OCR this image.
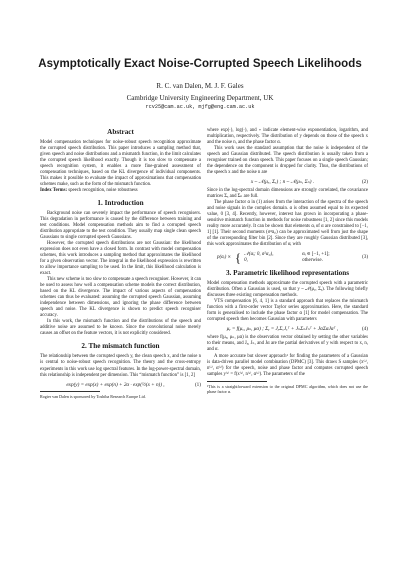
Asymptotically Exact Noise-Corrupted Speech Likelihoods
R. C. van Dalen, M. J. F. Gales
Cambridge University Engineering Department, UK
rcv25@cam.ac.uk, mjfg@eng.cam.ac.uk
Abstract

Model compensation techniques for noise-robust speech recognition approximate the corrupted speech distribution. This paper introduces a sampling method that, given speech and noise distributions and a mismatch function, in the limit calculates the corrupted speech likelihood exactly. Though it is too slow to compensate a speech recognition system, it enables a more fine-grained assessment of compensation techniques, based on the KL divergence of individual components. This makes it possible to evaluate the impact of approximations that compensation schemes make, such as the form of the mismatch function.

Index Terms: speech recognition, noise robustness

1. Introduction

Background noise can severely impact the performance of speech recognisers. This degradation in performance is caused by the difference between training and test conditions. Model compensation methods aim to find a corrupted speech distribution appropriate to the test condition. They usually map single clean speech Gaussians to single corrupted speech Gaussians.

However, the corrupted speech distributions are not Gaussian: the likelihood expression does not even have a closed form. In contrast with model compensation schemes, this work introduces a sampling method that approximates the likelihood for a given observation vector. The integral in the likelihood expression is rewritten to allow importance sampling to be used. In the limit, this likelihood calculation is exact.

This new scheme is too slow to compensate a speech recogniser. However, it can be used to assess how well a compensation scheme models the correct distribution, based on the KL divergence. The impact of various aspects of compensation schemes can thus be evaluated: assuming the corrupted speech Gaussian, assuming independence between dimensions, and ignoring the phase difference between speech and noise. The KL divergence is shown to predict speech recogniser accuracy.

In this work, the mismatch function and the distributions of the speech and additive noise are assumed to be known. Since the convolutional noise merely causes an offset on the feature vectors, it is not explicitly considered.

2. The mismatch function

The relationship between the corrupted speech y, the clean speech x, and the noise n is central to noise-robust speech recognition. The theory and the cross-entropy experiments in this work use log spectral features. In the log-power-spectral domain, this relationship is independent per dimension. This “mismatch function” is [1, 2]

exp(y) = exp(x) + exp(n) + 2α · exp(½(x + n)) ,	(1)
Rogier van Dalen is sponsored by Toshiba Research Europe Ltd.

where exp(·), log(·), and ∘ indicate element-wise exponentiation, logarithm, and multiplication, respectively. The distribution of y depends on those of the speech x and the noise n, and the phase factor α.

This work uses the standard assumption that the noise is independent of the speech and Gaussian distributed. The speech distribution is usually taken from a recogniser trained on clean speech. This paper focuses on a single speech Gaussian; the dependence on the component is dropped for clarity. Thus, the distributions of the speech x and the noise n are

x ~ 𝒩(μₓ, Σₓ) ; n ~ 𝒩(μₙ, Σₙ) .	(2)

Since in the log-spectral domain dimensions are strongly correlated, the covariance matrices Σₓ and Σₙ are full.

The phase factor α in (1) arises from the interaction of the spectra of the speech and noise signals in the complex domain. α is often assumed equal to its expected value, 0 [3, 4]. Recently, however, interest has grown in incorporating a phase-sensitive mismatch function in methods for noise robustness [1, 2] since this models reality more accurately. It can be shown that elements αᵢ of α are constrained to [−1, 1] [1]. Their second moments (σ²α,ᵢ) can be approximated well from just the shape of the corresponding filter bin [2]. Since they are roughly Gaussian distributed [3], this work approximates the distribution of αᵢ with

p(αᵢ) ∝ { 𝒩(αᵢ; 0, σ²α,ᵢ),	αᵢ ∈ [−1, +1];
0,	otherwise.
(3)
3. Parametric likelihood representations

Model compensation methods approximate the corrupted speech with a parametric distribution. Often a Gaussian is used, so that y ~ 𝒩(μᵧ, Σᵧ). The following briefly discusses three existing compensation methods.

VTS compensation [6, 4, 1] is a standard approach that replaces the mismatch function with a first-order vector Taylor series approximation. Here, the standard form is generalised to include the phase factor α [1] for model compensation. The corrupted speech then becomes Gaussian with parameters

μᵧ = f(μₓ, μₙ, μα) ; Σᵧ = JₓΣₓJₓᵀ + JₙΣₙJₙᵀ + JαΣαJαᵀ ,	(4)

where f(μₓ, μₙ, μα) is the observation vector obtained by setting the other variables to their means, and Jₓ, Jₙ, and Jα are the partial derivatives of y with respect to x, n, and α.

A more accurate but slower approach¹ for finding the parameters of a Gaussian is data-driven parallel model combination (DPMC) [3]. This draws S samples (x⁽ˢ⁾, n⁽ˢ⁾, α⁽ˢ⁾) for the speech, noise and phase factor and computes corrupted speech samples y⁽ˢ⁾ = f(x⁽ˢ⁾, n⁽ˢ⁾, α⁽ˢ⁾). The parameters of the

¹This is a straightforward extension to the original DPMC algorithm, which does not use the phase factor α.
